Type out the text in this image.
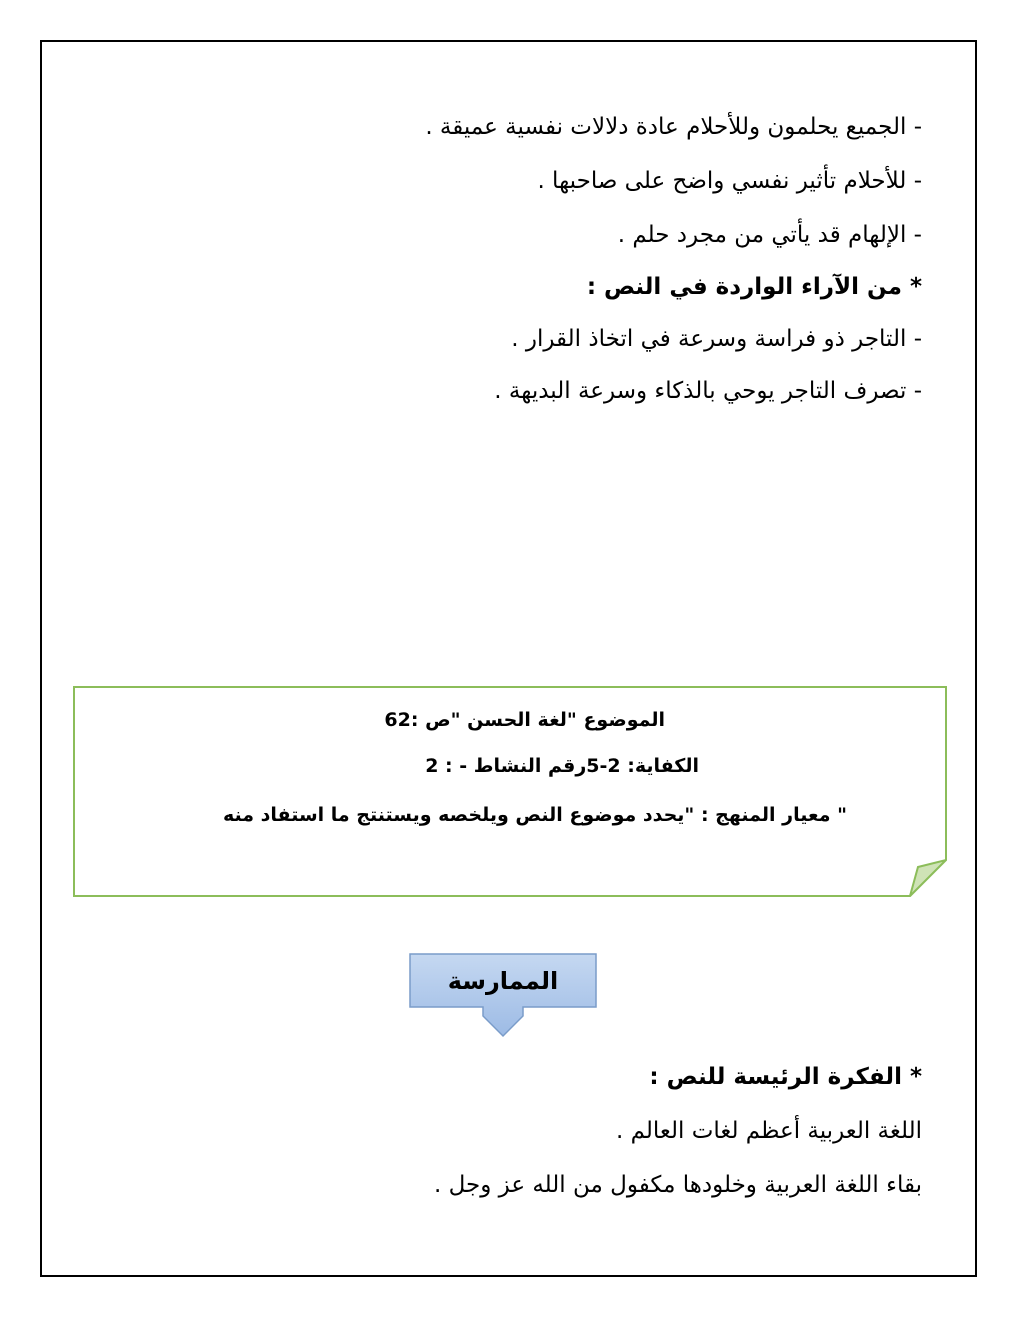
- الجميع يحلمون وللأحلام عادة دلالات نفسية عميقة .
- للأحلام تأثير نفسي واضح على صاحبها .
- الإلهام قد يأتي من مجرد حلم .
* من الآراء الواردة في النص :
- التاجر ذو فراسة وسرعة في اتخاذ القرار .
- تصرف التاجر يوحي بالذكاء وسرعة البديهة .
الموضوع "لغة الحسن "ص :62
الكفاية: 2-5رقم النشاط - : 2
معيار المنهج : "يحدد موضوع النص ويلخصه ويستنتج ما استفاد منه "
الممارسة
* الفكرة الرئيسة للنص :
اللغة العربية أعظم لغات العالم .
بقاء اللغة العربية وخلودها مكفول من الله عز وجل .
